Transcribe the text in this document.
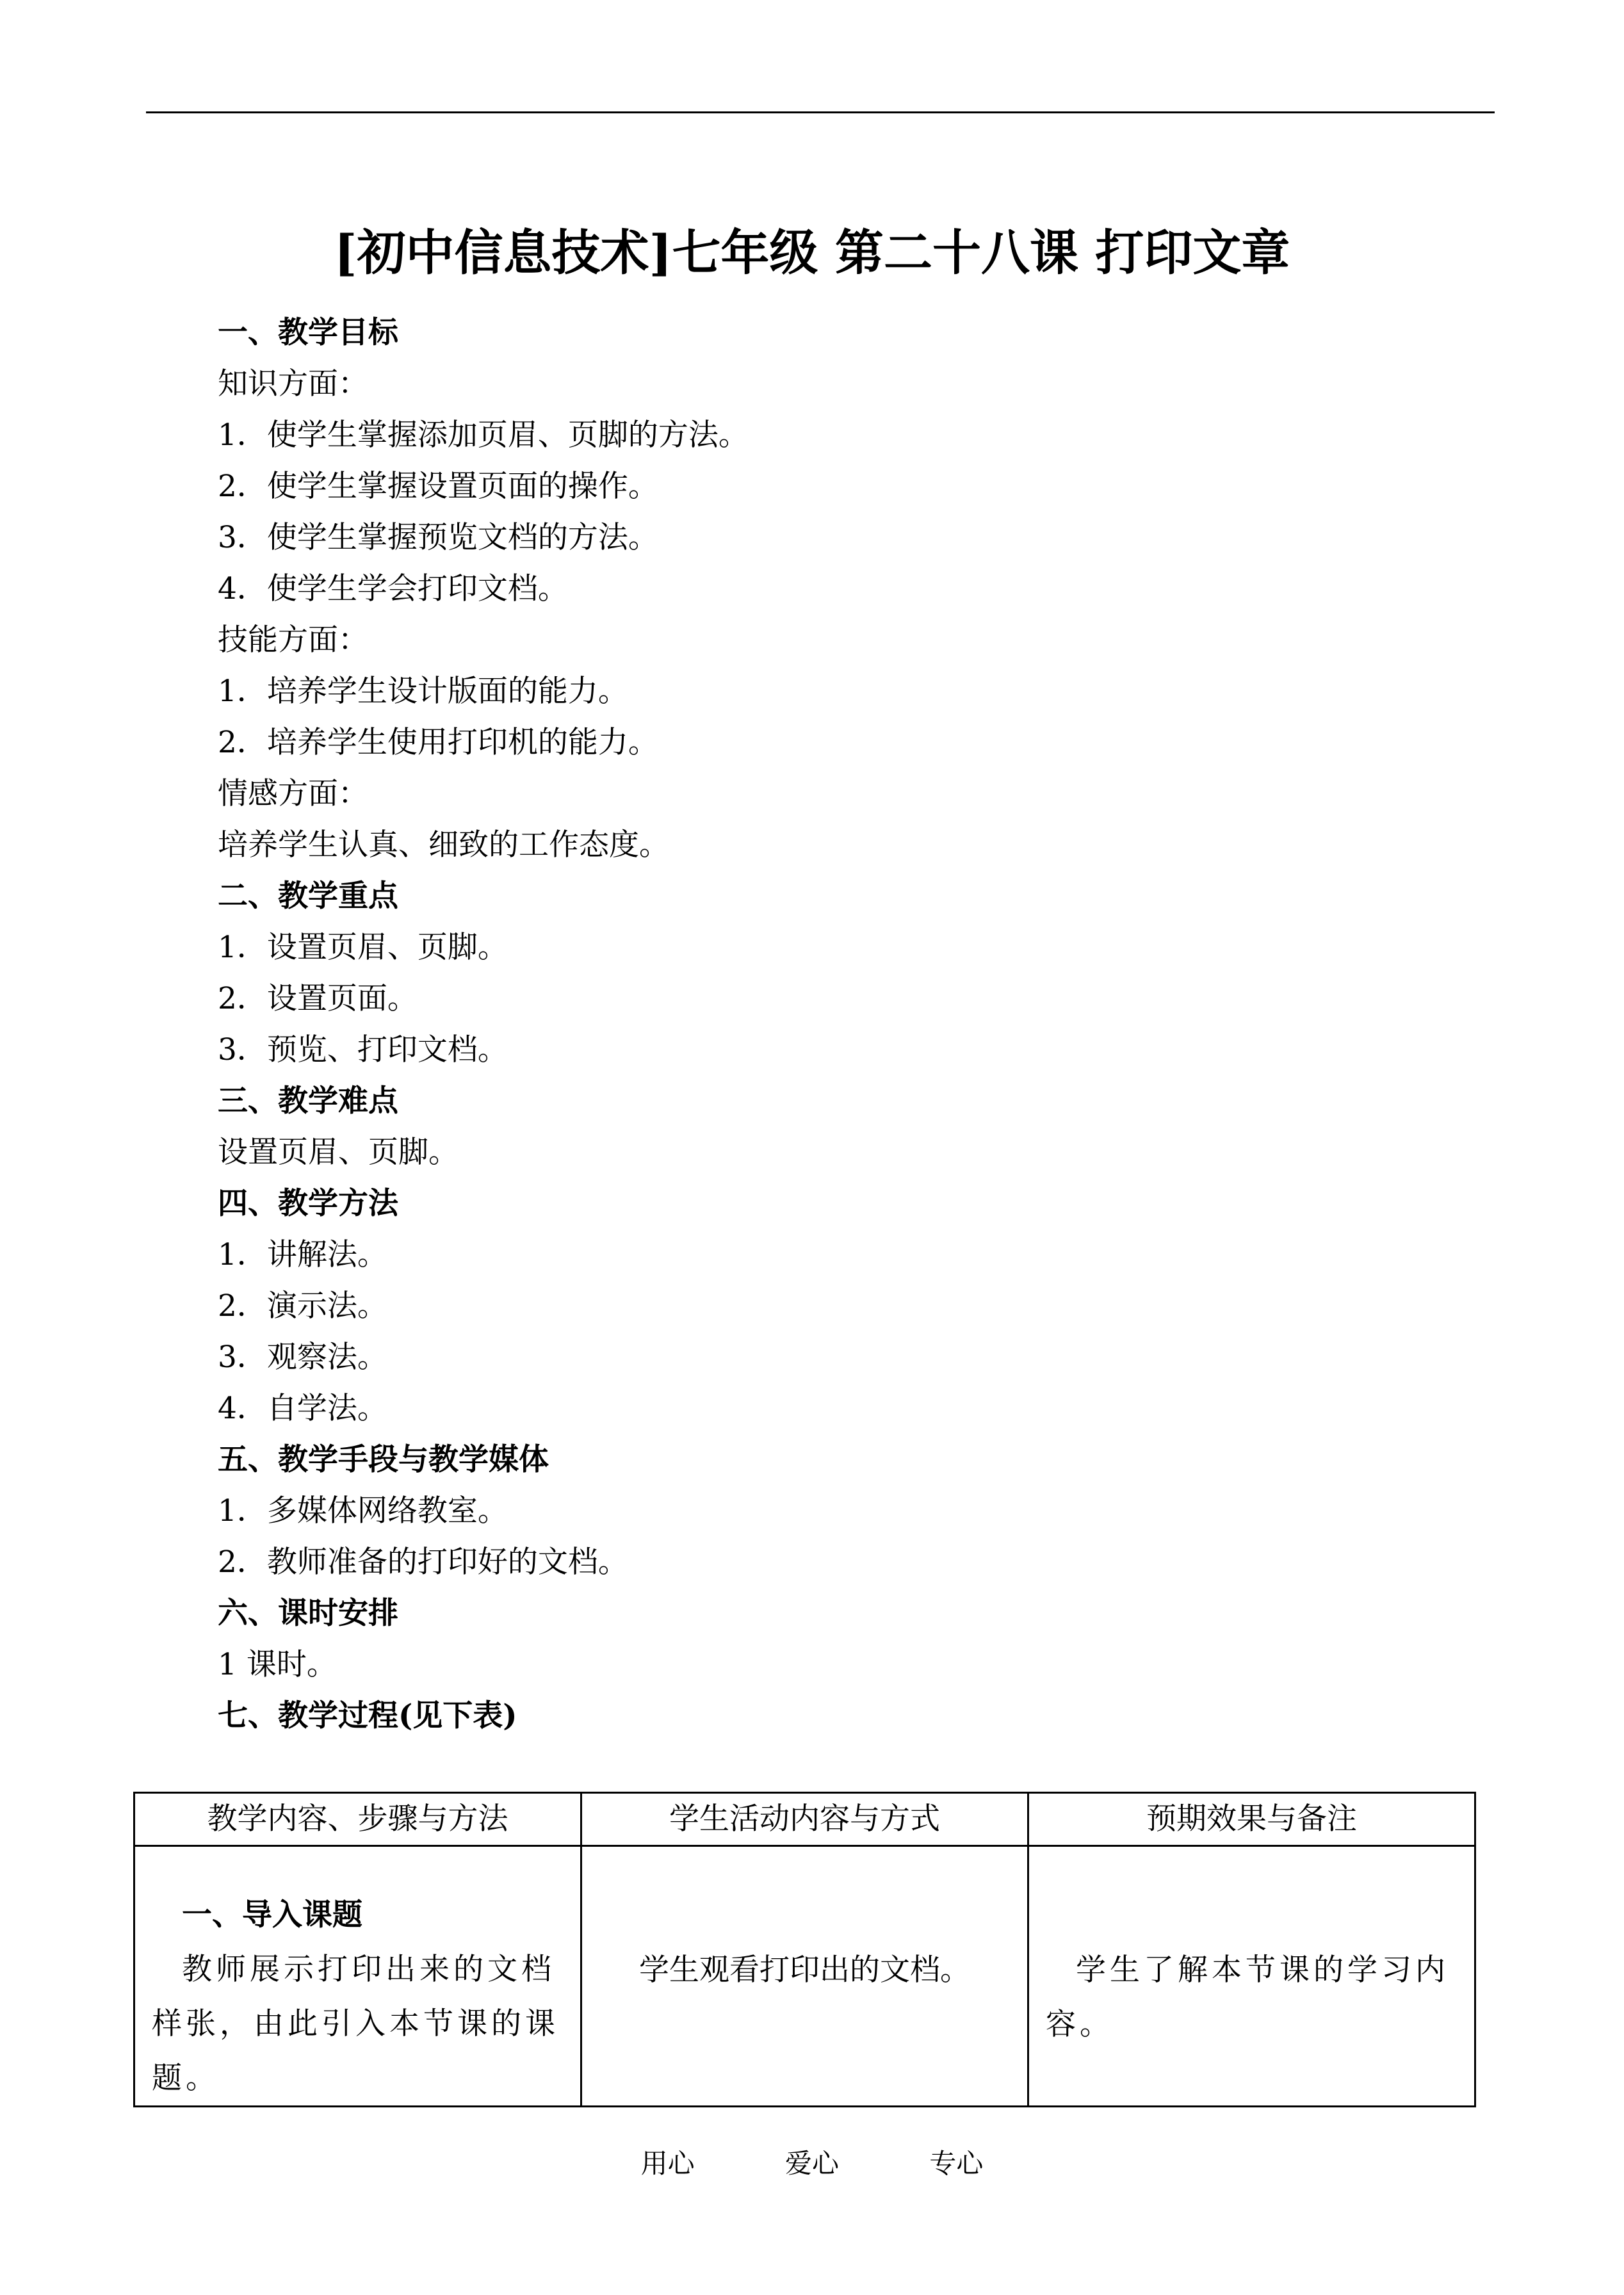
[初中信息技术]七年级 第二十八课 打印文章
一、教学目标
知识方面：
1．使学生掌握添加页眉、页脚的方法。
2．使学生掌握设置页面的操作。
3．使学生掌握预览文档的方法。
4．使学生学会打印文档。
技能方面：
1．培养学生设计版面的能力。
2．培养学生使用打印机的能力。
情感方面：
培养学生认真、细致的工作态度。
二、教学重点
1．设置页眉、页脚。
2．设置页面。
3．预览、打印文档。
三、教学难点
设置页眉、页脚。
四、教学方法
1．讲解法。
2．演示法。
3．观察法。
4．自学法。
五、教学手段与教学媒体
1．多媒体网络教室。
2．教师准备的打印好的文档。
六、课时安排
1 课时。
七、教学过程(见下表)
教学内容、步骤与方法	学生活动内容与方式	预期效果与备注

一、导入课题
教师展示打印出来的文档样张，由此引入本节课的课题。	学生观看打印出的文档。	学生了解本节课的学习内容。
用心	爱心	专心
